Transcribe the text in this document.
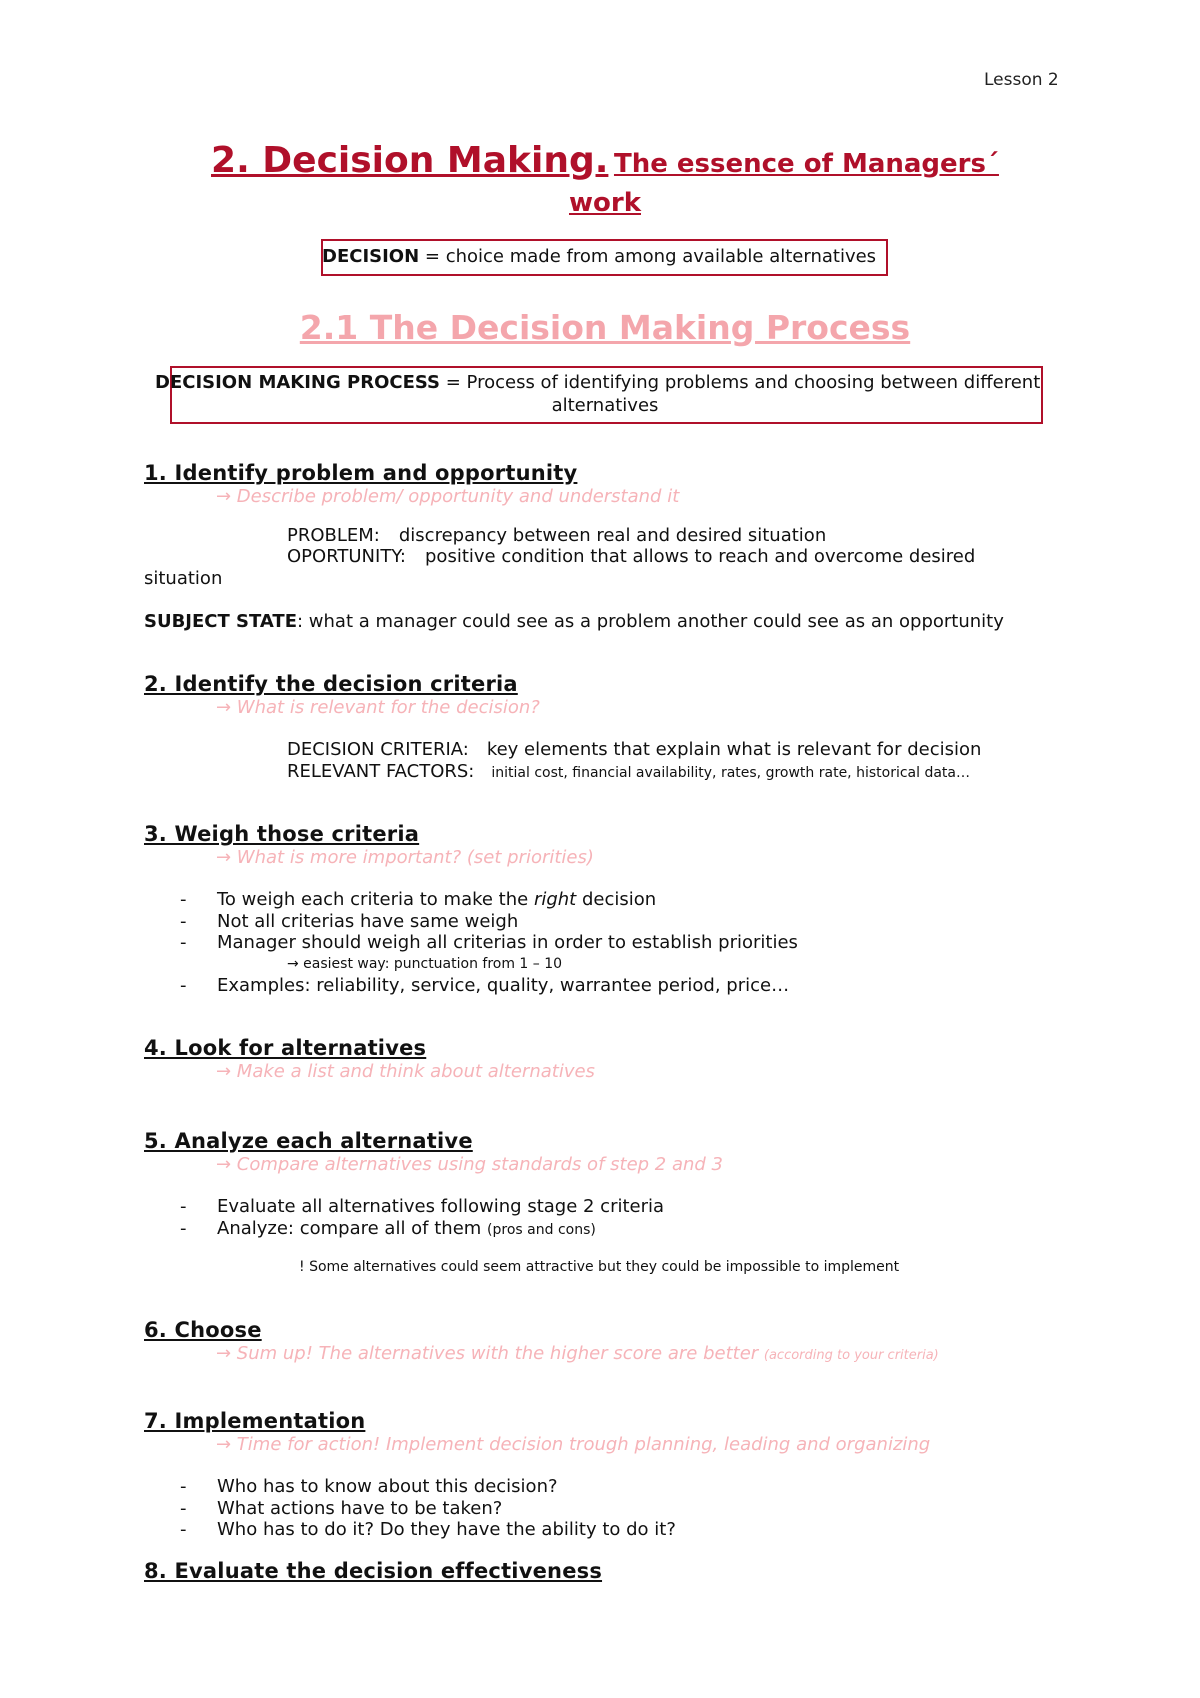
Lesson 2
2. Decision Making. The essence of Managers´
work
DECISION = choice made from among available alternatives
2.1 The Decision Making Process
DECISION MAKING PROCESS = Process of identifying problems and choosing between different
alternatives
1. Identify problem and opportunity
→ Describe problem/ opportunity and understand it
PROBLEM: discrepancy between real and desired situation
OPORTUNITY: positive condition that allows to reach and overcome desired
situation
SUBJECT STATE: what a manager could see as a problem another could see as an opportunity
2. Identify the decision criteria
→ What is relevant for the decision?
DECISION CRITERIA: key elements that explain what is relevant for decision
RELEVANT FACTORS: initial cost, financial availability, rates, growth rate, historical data…
3. Weigh those criteria
→ What is more important? (set priorities)
- To weigh each criteria to make the right decision
- Not all criterias have same weigh
- Manager should weigh all criterias in order to establish priorities
→ easiest way: punctuation from 1 – 10
- Examples: reliability, service, quality, warrantee period, price…
4. Look for alternatives
→ Make a list and think about alternatives
5. Analyze each alternative
→ Compare alternatives using standards of step 2 and 3
- Evaluate all alternatives following stage 2 criteria
- Analyze: compare all of them (pros and cons)
! Some alternatives could seem attractive but they could be impossible to implement
6. Choose
→ Sum up! The alternatives with the higher score are better (according to your criteria)
7. Implementation
→ Time for action! Implement decision trough planning, leading and organizing
- Who has to know about this decision?
- What actions have to be taken?
- Who has to do it? Do they have the ability to do it?
8. Evaluate the decision effectiveness
